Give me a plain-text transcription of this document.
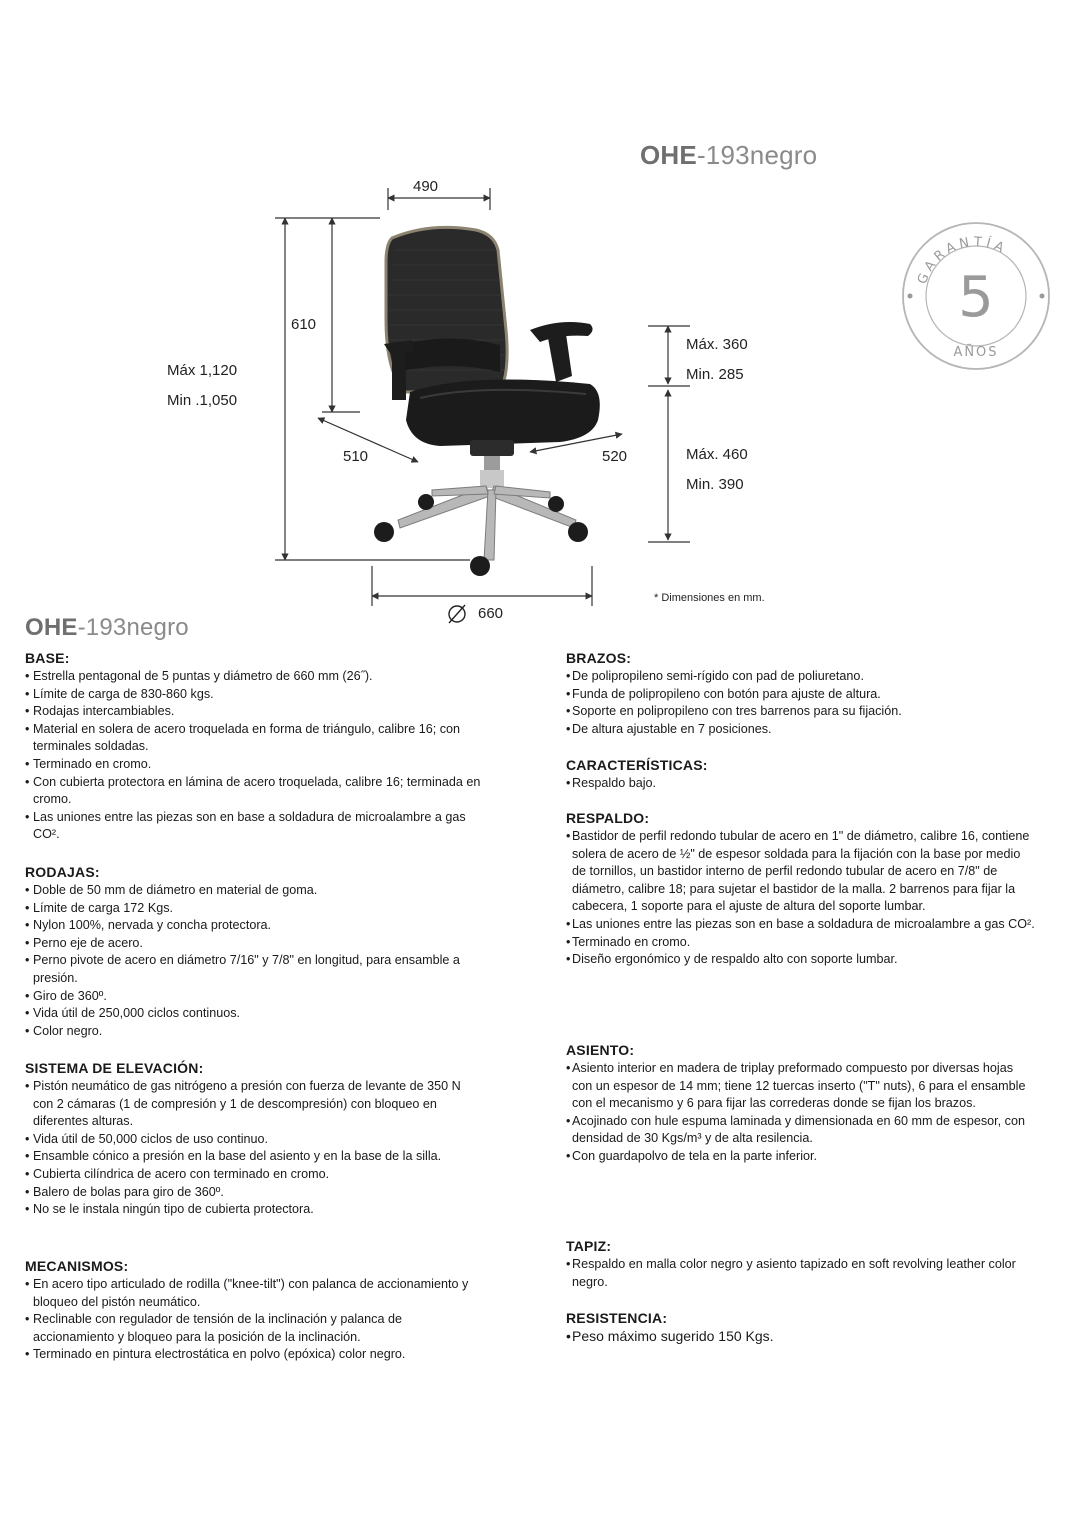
OHE-193negro
GARANTÍA
5
AÑOS
490
610
Máx 1,120
Min .1,050
510	520
Máx. 360
Min. 285
Máx. 460
Min. 390
660
* Dimensiones en mm.
OHE-193negro
BASE:
• Estrella pentagonal de 5 puntas y diámetro de 660 mm (26˝).
• Límite de carga de 830-860 kgs.
• Rodajas intercambiables.
• Material en solera de acero troquelada en forma de triángulo, calibre 16; con terminales soldadas.
• Terminado en cromo.
• Con cubierta protectora en lámina de acero troquelada, calibre 16; terminada en cromo.
• Las uniones entre las piezas son en base a soldadura de microalambre a gas CO².
RODAJAS:
• Doble de 50 mm de diámetro en material de goma.
• Límite de carga 172 Kgs.
• Nylon 100%, nervada y concha protectora.
• Perno eje de acero.
• Perno pivote de acero en diámetro 7/16" y 7/8" en longitud, para ensamble a presión.
• Giro de 360º.
• Vida útil de 250,000 ciclos continuos.
• Color negro.
SISTEMA DE ELEVACIÓN:
• Pistón neumático de gas nitrógeno a presión con fuerza de levante de 350 N con 2 cámaras (1 de compresión y 1 de descompresión) con bloqueo en diferentes alturas.
• Vida útil de 50,000 ciclos de uso continuo.
• Ensamble cónico a presión en la base del asiento y en la base de la silla.
• Cubierta cilíndrica de acero con terminado en cromo.
• Balero de bolas para giro de 360º.
• No se le instala ningún tipo de cubierta protectora.
MECANISMOS:
• En acero tipo articulado de rodilla ("knee-tilt") con palanca de accionamiento y bloqueo del pistón neumático.
• Reclinable con regulador de tensión de la inclinación y palanca de accionamiento y bloqueo para la posición de la inclinación.
• Terminado en pintura electrostática en polvo (epóxica) color negro.
BRAZOS:
• De polipropileno semi-rígido con pad de poliuretano.
• Funda de polipropileno con botón para ajuste de altura.
• Soporte en polipropileno con tres barrenos para su fijación.
• De altura ajustable en 7 posiciones.
CARACTERÍSTICAS:
• Respaldo bajo.
RESPALDO:
• Bastidor de perfil redondo tubular de acero en 1" de diámetro, calibre 16, contiene solera de acero de ½" de espesor soldada para la fijación con la base por medio de tornillos, un bastidor interno de perfil redondo tubular de acero en 7/8" de diámetro, calibre 18; para sujetar el bastidor de la malla. 2 barrenos para fijar la cabecera, 1 soporte para el ajuste de altura del soporte lumbar.
• Las uniones entre las piezas son en base a soldadura de microalambre a gas CO².
• Terminado en cromo.
• Diseño ergonómico y de respaldo alto con soporte lumbar.
ASIENTO:
• Asiento interior en madera de triplay preformado compuesto por diversas hojas con un espesor de 14 mm; tiene 12 tuercas inserto ("T" nuts), 6 para el ensamble con el mecanismo y 6 para fijar las correderas donde se fijan los brazos.
• Acojinado con hule espuma laminada y dimensionada en 60 mm de espesor, con densidad de 30 Kgs/m³ y de alta resilencia.
• Con guardapolvo de tela en la parte inferior.
TAPIZ:
• Respaldo en malla color negro y asiento tapizado en soft revolving leather color negro.
RESISTENCIA:
• Peso máximo sugerido 150 Kgs.
